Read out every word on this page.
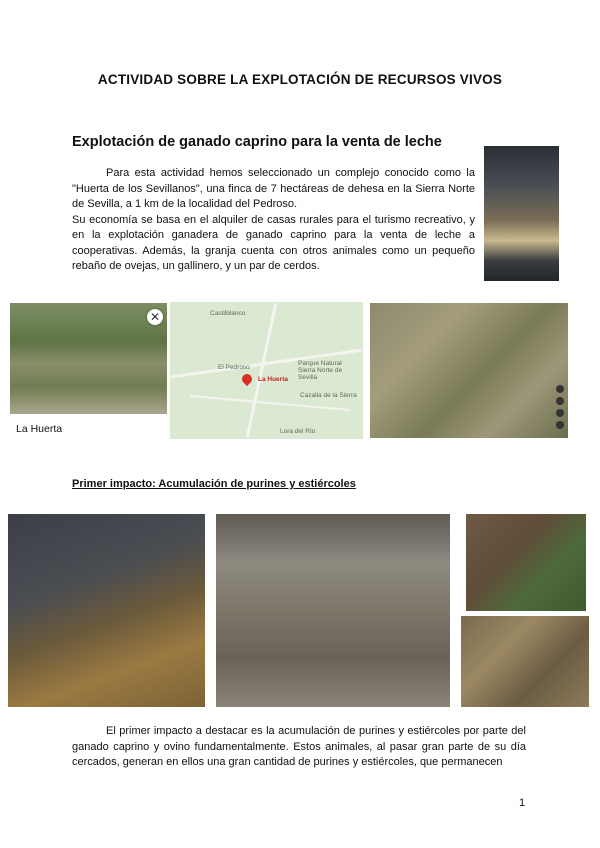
ACTIVIDAD SOBRE LA EXPLOTACIÓN DE RECURSOS VIVOS
Explotación de ganado caprino para la venta de leche
Para esta actividad hemos seleccionado un complejo conocido como la "Huerta de los Sevillanos", una finca de 7 hectáreas de dehesa en la Sierra Norte de Sevilla, a 1 km de la localidad del Pedroso.
Su economía se basa en el alquiler de casas rurales para el turismo recreativo, y en la explotación ganadera de ganado caprino para la venta de leche a cooperativas. Además, la granja cuenta con otros animales como un pequeño rebaño de ovejas, un gallinero, y un par de cerdos.
✕
La Huerta
Castilblanco
El Pedroso
Parque Natural Sierra Norte de Sevilla
Cazalla de la Sierra
Lora del Río
La Huerta
Primer impacto: Acumulación de purines y estiércoles
El primer impacto a destacar es la acumulación de purines y estiércoles por parte del ganado caprino y ovino fundamentalmente. Estos animales, al pasar gran parte de su día cercados, generan en ellos una gran cantidad de purines y estiércoles, que permanecen
1
